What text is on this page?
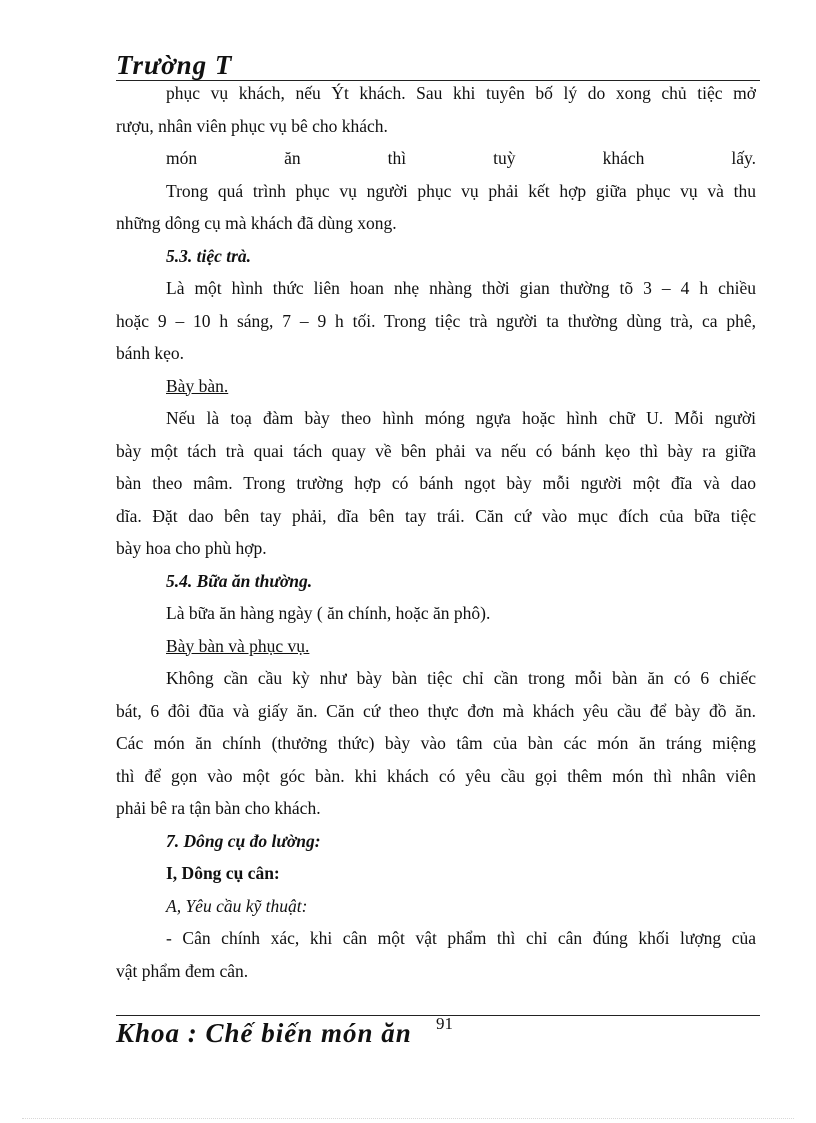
Trường T
phục vụ khách, nếu Ýt khách. Sau khi tuyên bố lý do xong chủ tiệc mở
rượu, nhân viên phục vụ bê cho khách.
món ăn thì tuỳ khách lấy.
Trong quá trình phục vụ người phục vụ phải kết hợp giữa phục vụ và thu
những dông cụ mà khách đã dùng xong.
5.3. tiệc trà.
Là một hình thức liên hoan nhẹ nhàng thời gian thường tõ 3 – 4 h chiều
hoặc 9 – 10 h sáng, 7 – 9 h tối. Trong tiệc trà người ta thường dùng trà, ca phê,
bánh kẹo.
Bày bàn.
Nếu là toạ đàm bày theo hình móng ngựa hoặc hình chữ U. Mỗi người
bày một tách trà quai tách quay về bên phải va nếu có bánh kẹo thì bày ra giữa
bàn theo mâm. Trong trường hợp có bánh ngọt bày mỗi người một đĩa và dao
dĩa. Đặt dao bên tay phải, dĩa bên tay trái. Căn cứ vào mục đích của bữa tiệc
bày hoa cho phù hợp.
5.4. Bữa ăn thường.
Là bữa ăn hàng ngày ( ăn chính, hoặc ăn phô).
Bày bàn và phục vụ.
Không cần cầu kỳ như bày bàn tiệc chỉ cần trong mỗi bàn ăn có 6 chiếc
bát, 6 đôi đũa và giấy ăn. Căn cứ theo thực đơn mà khách yêu cầu để bày đồ ăn.
Các món ăn chính (thưởng thức) bày vào tâm của bàn các món ăn tráng miệng
thì để gọn vào một góc bàn. khi khách có yêu cầu gọi thêm món thì nhân viên
phải bê ra tận bàn cho khách.
7. Dông cụ đo lường:
I, Dông cụ cân:
A, Yêu cầu kỹ thuật:
- Cân chính xác, khi cân một vật phẩm thì chỉ cân đúng khối lượng của
vật phẩm đem cân.
Khoa : Chế biến món ăn 91
